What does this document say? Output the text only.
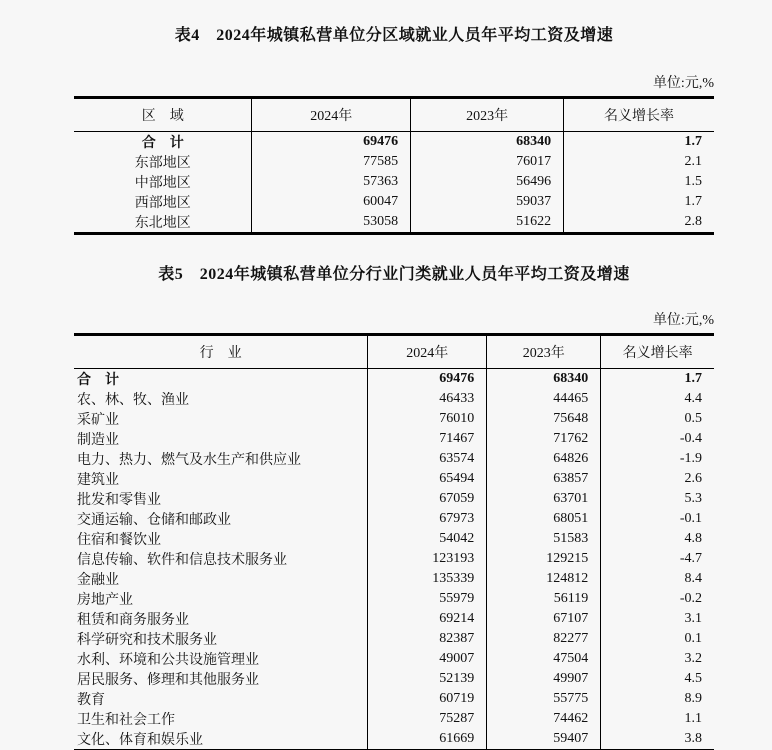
表4　2024年城镇私营单位分区域就业人员年平均工资及增速
单位:元,%
区　域	2024年	2023年	名义增长率
合　计	69476	68340	1.7
东部地区	77585	76017	2.1
中部地区	57363	56496	1.5
西部地区	60047	59037	1.7
东北地区	53058	51622	2.8
表5　2024年城镇私营单位分行业门类就业人员年平均工资及增速
单位:元,%
行　业	2024年	2023年	名义增长率
合　计	69476	68340	1.7
农、林、牧、渔业	46433	44465	4.4
采矿业	76010	75648	0.5
制造业	71467	71762	-0.4
电力、热力、燃气及水生产和供应业	63574	64826	-1.9
建筑业	65494	63857	2.6
批发和零售业	67059	63701	5.3
交通运输、仓储和邮政业	67973	68051	-0.1
住宿和餐饮业	54042	51583	4.8
信息传输、软件和信息技术服务业	123193	129215	-4.7
金融业	135339	124812	8.4
房地产业	55979	56119	-0.2
租赁和商务服务业	69214	67107	3.1
科学研究和技术服务业	82387	82277	0.1
水利、环境和公共设施管理业	49007	47504	3.2
居民服务、修理和其他服务业	52139	49907	4.5
教育	60719	55775	8.9
卫生和社会工作	75287	74462	1.1
文化、体育和娱乐业	61669	59407	3.8
